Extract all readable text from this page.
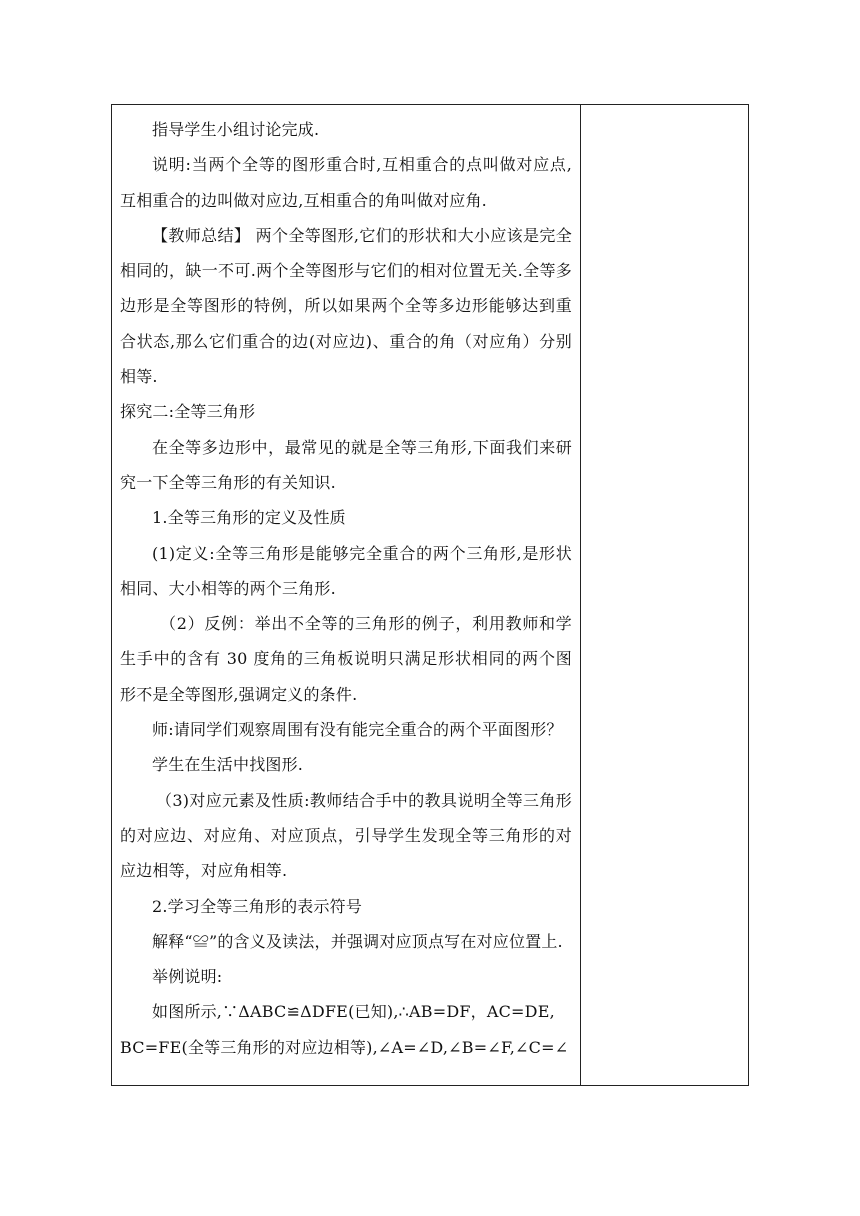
指导学生小组讨论完成.

说明:当两个全等的图形重合时,互相重合的点叫做对应点,互相重合的边叫做对应边,互相重合的角叫做对应角.

【教师总结】 两个全等图形,它们的形状和大小应该是完全相同的，缺一不可.两个全等图形与它们的相对位置无关.全等多边形是全等图形的特例，所以如果两个全等多边形能够达到重合状态,那么它们重合的边(对应边)、重合的角（对应角）分别相等.

探究二:全等三角形

在全等多边形中，最常见的就是全等三角形,下面我们来研究一下全等三角形的有关知识.

1.全等三角形的定义及性质

(1)定义:全等三角形是能够完全重合的两个三角形,是形状相同、大小相等的两个三角形.

（2）反例：举出不全等的三角形的例子，利用教师和学生手中的含有 30 度角的三角板说明只满足形状相同的两个图形不是全等图形,强调定义的条件.

师:请同学们观察周围有没有能完全重合的两个平面图形？

学生在生活中找图形.

（3)对应元素及性质:教师结合手中的教具说明全等三角形的对应边、对应角、对应顶点，引导学生发现全等三角形的对应边相等，对应角相等.

2.学习全等三角形的表示符号

解释“≌”的含义及读法，并强调对应顶点写在对应位置上.

举例说明:

如图所示,∵ΔABC≌ΔDFE(已知),∴AB=DF，AC=DE,

BC=FE(全等三角形的对应边相等),∠A=∠D,∠B=∠F,∠C=∠
